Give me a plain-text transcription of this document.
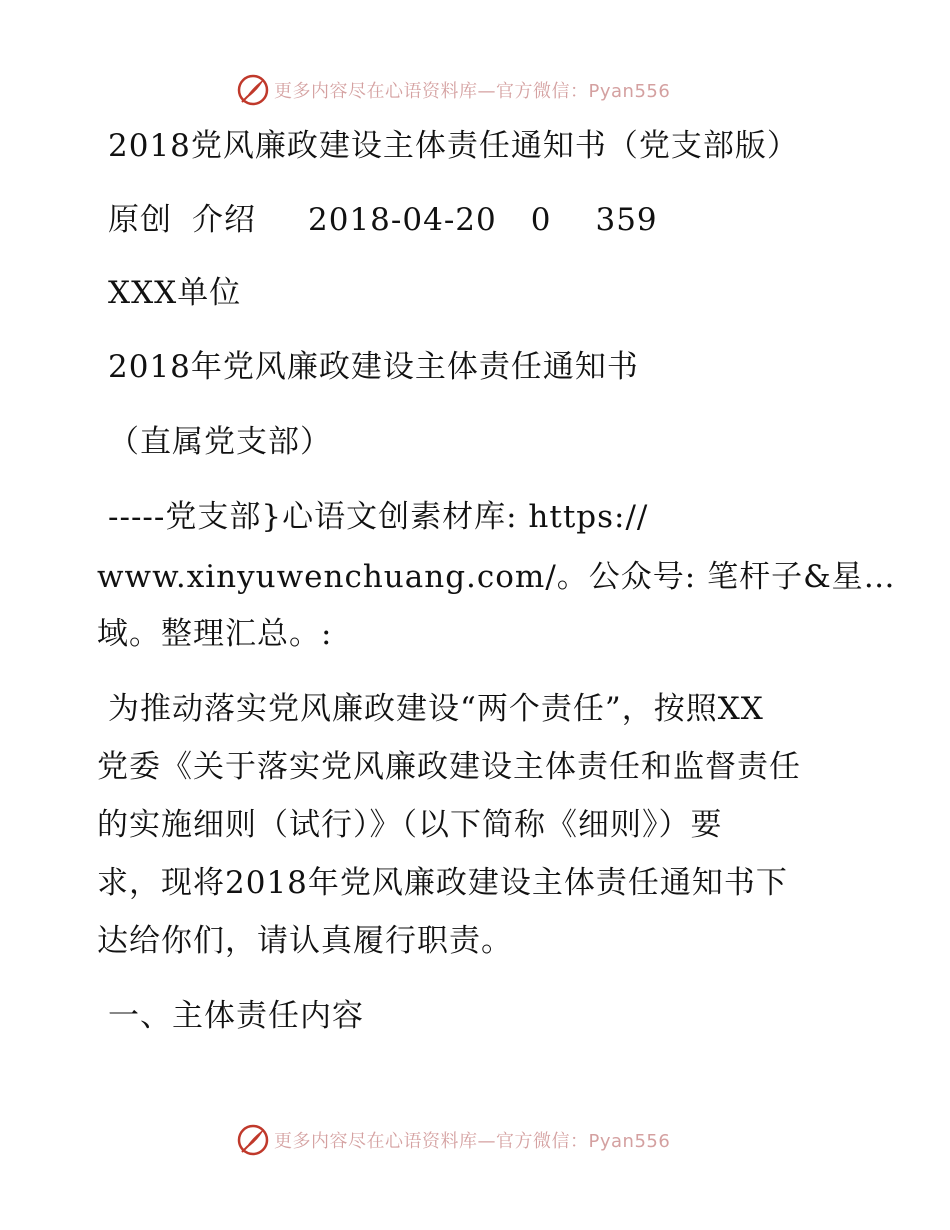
更多内容尽在心语资料库—官方微信：Pyan556
2018党风廉政建设主体责任通知书（党支部版）
原创 介绍 2018-04-20 0 359
XXX单位
2018年党风廉政建设主体责任通知书
（直属党支部）
-----党支部}心语文创素材库: https://
www.xinyuwenchuang.com/。公众号: 笔杆子&星…
域。整理汇总。:
为推动落实党风廉政建设“两个责任”，按照XX
党委《关于落实党风廉政建设主体责任和监督责任
的实施细则（试行）》（以下简称《细则》）要
求，现将2018年党风廉政建设主体责任通知书下
达给你们，请认真履行职责。
一、主体责任内容
更多内容尽在心语资料库—官方微信：Pyan556
